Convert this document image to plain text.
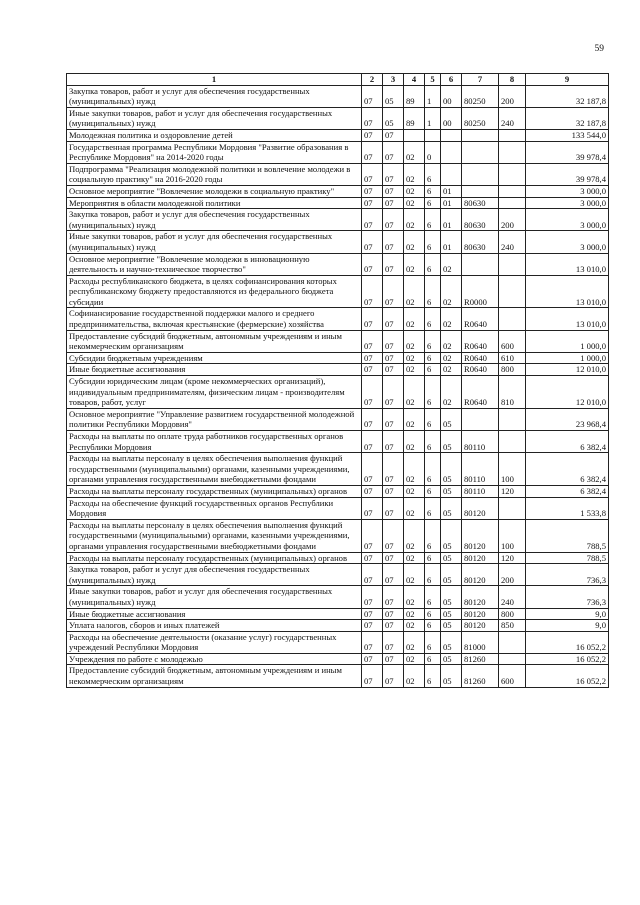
59
1	2	3	4	5	6	7	8	9
Закупка товаров, работ и услуг для обеспечения государственных (муниципальных) нужд	07	05	89	1	00	80250	200	32 187,8
Иные закупки товаров, работ и услуг для обеспечения государственных (муниципальных) нужд	07	05	89	1	00	80250	240	32 187,8
Молодежная политика и оздоровление детей	07	07						133 544,0
Государственная программа Республики Мордовия "Развитие образования в Республике Мордовия" на 2014-2020 годы	07	07	02	0				39 978,4
Подпрограмма "Реализация молодежной политики и вовлечение молодежи в социальную практику" на 2016-2020 годы	07	07	02	6				39 978,4
Основное мероприятие "Вовлечение молодежи в социальную практику"	07	07	02	6	01			3 000,0
Мероприятия в области молодежной политики	07	07	02	6	01	80630		3 000,0
Закупка товаров, работ и услуг для обеспечения государственных (муниципальных) нужд	07	07	02	6	01	80630	200	3 000,0
Иные закупки товаров, работ и услуг для обеспечения государственных (муниципальных) нужд	07	07	02	6	01	80630	240	3 000,0
Основное мероприятие "Вовлечение молодежи в инновационную деятельность и научно-техническое творчество"	07	07	02	6	02			13 010,0
Расходы республиканского бюджета, в целях софинансирования которых республиканскому бюджету предоставляются из федерального бюджета субсидии	07	07	02	6	02	R0000		13 010,0
Софинансирование государственной поддержки малого и среднего предпринимательства, включая крестьянские (фермерские) хозяйства	07	07	02	6	02	R0640		13 010,0
Предоставление субсидий бюджетным, автономным учреждениям и иным некоммерческим организациям	07	07	02	6	02	R0640	600	1 000,0
Субсидии бюджетным учреждениям	07	07	02	6	02	R0640	610	1 000,0
Иные бюджетные ассигнования	07	07	02	6	02	R0640	800	12 010,0
Субсидии юридическим лицам (кроме некоммерческих организаций), индивидуальным предпринимателям, физическим лицам - производителям товаров, работ, услуг	07	07	02	6	02	R0640	810	12 010,0
Основное мероприятие "Управление развитием государственной молодежной политики Республики Мордовия"	07	07	02	6	05			23 968,4
Расходы на выплаты по оплате труда работников государственных органов Республики Мордовия	07	07	02	6	05	80110		6 382,4
Расходы на выплаты персоналу в целях обеспечения выполнения функций государственными (муниципальными) органами, казенными учреждениями, органами управления государственными внебюджетными фондами	07	07	02	6	05	80110	100	6 382,4
Расходы на выплаты персоналу государственных (муниципальных) органов	07	07	02	6	05	80110	120	6 382,4
Расходы на обеспечение функций государственных органов Республики Мордовия	07	07	02	6	05	80120		1 533,8
Расходы на выплаты персоналу в целях обеспечения выполнения функций государственными (муниципальными) органами, казенными учреждениями, органами управления государственными внебюджетными фондами	07	07	02	6	05	80120	100	788,5
Расходы на выплаты персоналу государственных (муниципальных) органов	07	07	02	6	05	80120	120	788,5
Закупка товаров, работ и услуг для обеспечения государственных (муниципальных) нужд	07	07	02	6	05	80120	200	736,3
Иные закупки товаров, работ и услуг для обеспечения государственных (муниципальных) нужд	07	07	02	6	05	80120	240	736,3
Иные бюджетные ассигнования	07	07	02	6	05	80120	800	9,0
Уплата налогов, сборов и иных платежей	07	07	02	6	05	80120	850	9,0
Расходы на обеспечение деятельности (оказание услуг) государственных учреждений Республики Мордовия	07	07	02	6	05	81000		16 052,2
Учреждения по работе с молодежью	07	07	02	6	05	81260		16 052,2
Предоставление субсидий бюджетным, автономным учреждениям и иным некоммерческим организациям	07	07	02	6	05	81260	600	16 052,2
